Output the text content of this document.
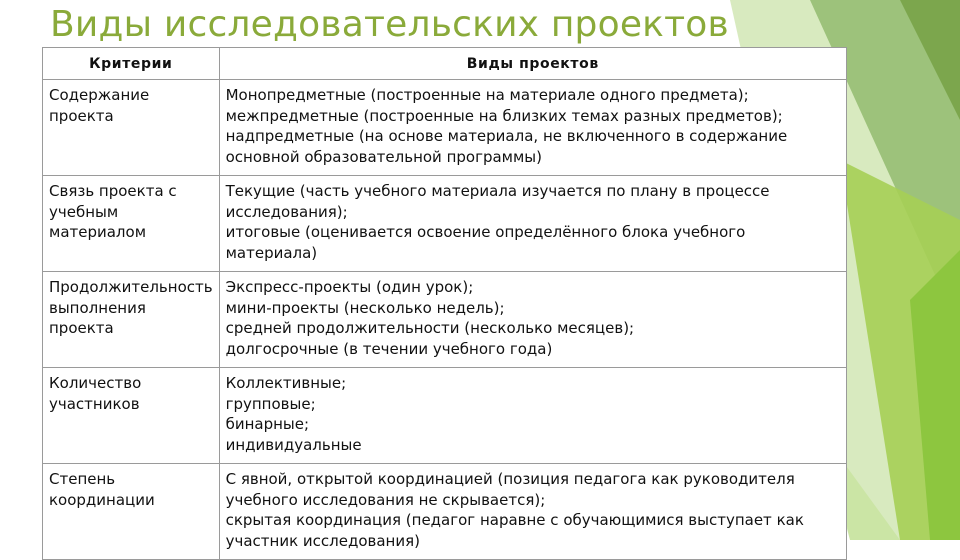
Виды исследовательских проектов
Критерии	Виды проектов
Содержание проекта	Монопредметные (построенные на материале одного предмета);
межпредметные (построенные на близких темах разных предметов);
надпредметные (на основе материала, не включенного в содержание основной образовательной программы)

Связь проекта с учебным материалом	Текущие (часть учебного материала изучается по плану в процессе исследования);
итоговые (оценивается освоение определённого блока учебного материала)

Продолжительность выполнения проекта	Экспресс-проекты (один урок);
мини-проекты (несколько недель);
средней продолжительности (несколько месяцев);
долгосрочные (в течении учебного года)

Количество участников	Коллективные;
групповые;
бинарные;
индивидуальные

Степень координации	С явной, открытой координацией (позиция педагога как руководителя учебного исследования не скрывается);
скрытая координация (педагог наравне с обучающимися выступает как участник исследования)
